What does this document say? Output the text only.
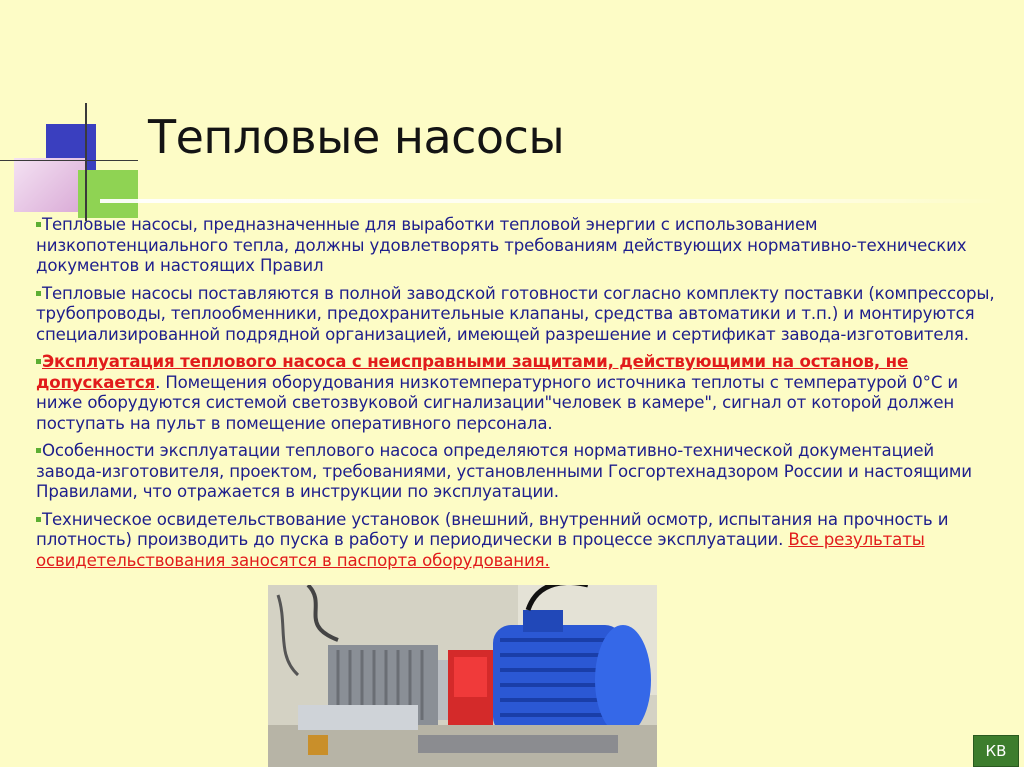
Тепловые насосы

Тепловые насосы, предназначенные для выработки тепловой энергии с использованием низкопотенциального тепла, должны удовлетворять требованиям действующих нормативно-технических документов и настоящих Правил

Тепловые насосы поставляются в полной заводской готовности согласно комплекту поставки (компрессоры, трубопроводы, теплообменники, предохранительные клапаны, средства автоматики и т.п.) и монтируются специализированной подрядной организацией, имеющей разрешение и сертификат завода-изготовителя.

Эксплуатация теплового насоса с неисправными защитами, действующими на останов, не допускается. Помещения оборудования низкотемпературного источника теплоты с температурой 0°С и ниже оборудуются системой светозвуковой сигнализации"человек в камере", сигнал от которой должен поступать на пульт в помещение оперативного персонала.

Особенности эксплуатации теплового насоса определяются нормативно-технической документацией завода-изготовителя, проектом, требованиями, установленными Госгортехнадзором России и настоящими Правилами, что отражается в инструкции по эксплуатации.

Техническое освидетельствование установок (внешний, внутренний осмотр, испытания на прочность и плотность) производить до пуска в работу и периодически в процессе эксплуатации. Все результаты освидетельствования заносятся в паспорта оборудования.

КВ
